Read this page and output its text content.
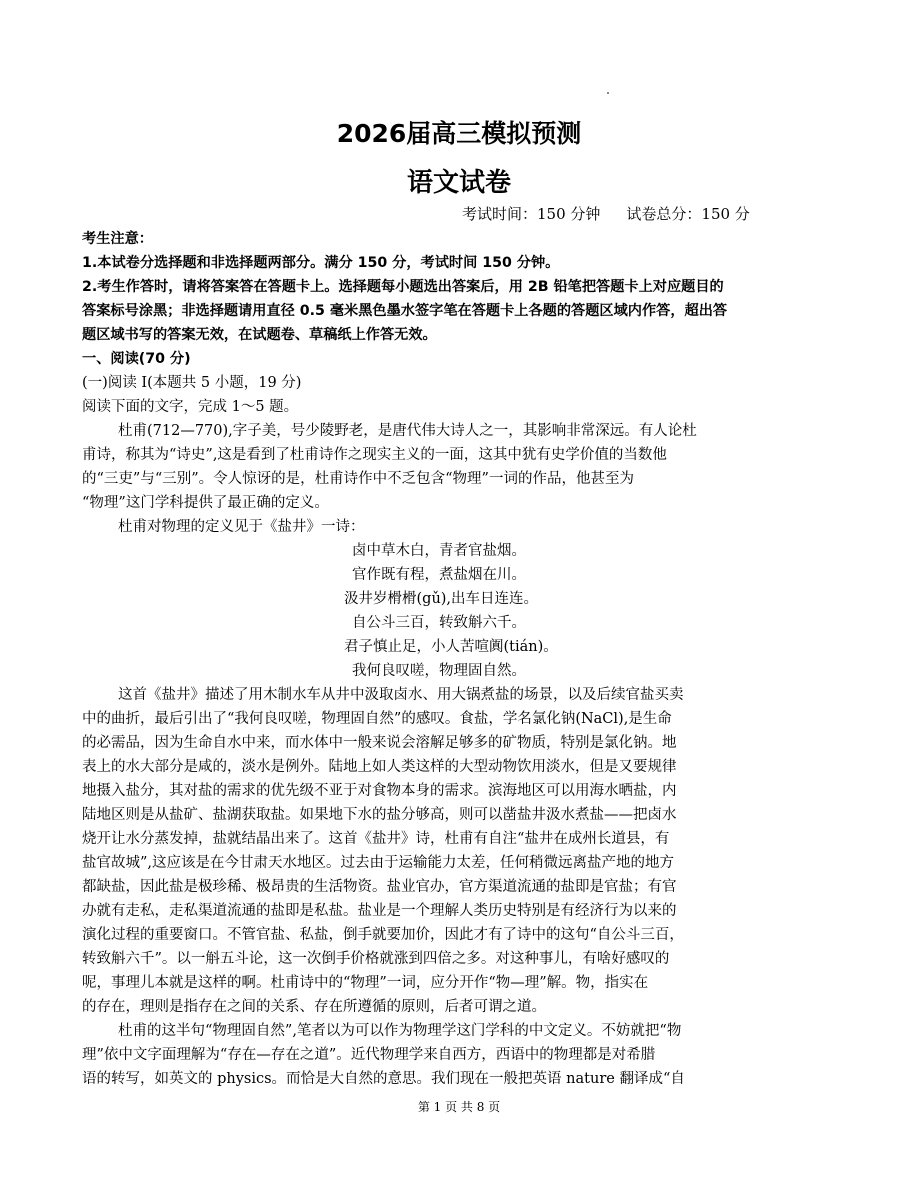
2026届高三模拟预测
语文试卷
考试时间：150 分钟 试卷总分：150 分
考生注意：
1.本试卷分选择题和非选择题两部分。满分 150 分，考试时间 150 分钟。
2.考生作答时，请将答案答在答题卡上。选择题每小题选出答案后，用 2B 铅笔把答题卡上对应题目的
答案标号涂黑；非选择题请用直径 0.5 毫米黑色墨水签字笔在答题卡上各题的答题区域内作答，超出答
题区域书写的答案无效，在试题卷、草稿纸上作答无效。
一、阅读(70 分)
(一)阅读 I(本题共 5 小题，19 分)
阅读下面的文字，完成 1～5 题。
杜甫(712—770),字子美，号少陵野老，是唐代伟大诗人之一，其影响非常深远。有人论杜
甫诗，称其为“诗史”,这是看到了杜甫诗作之现实主义的一面，这其中犹有史学价值的当数他
的“三吏”与“三别”。令人惊讶的是，杜甫诗作中不乏包含“物理”一词的作品，他甚至为
“物理”这门学科提供了最正确的定义。
杜甫对物理的定义见于《盐井》一诗：
卤中草木白，青者官盐烟。
官作既有程，煮盐烟在川。
汲井岁榾榾(gǔ),出车日连连。
自公斗三百，转致斛六千。
君子慎止足，小人苦喧阗(tián)。
我何良叹嗟，物理固自然。
这首《盐井》描述了用木制水车从井中汲取卤水、用大锅煮盐的场景，以及后续官盐买卖
中的曲折，最后引出了“我何良叹嗟，物理固自然”的感叹。食盐，学名氯化钠(NaCl),是生命
的必需品，因为生命自水中来，而水体中一般来说会溶解足够多的矿物质，特别是氯化钠。地
表上的水大部分是咸的，淡水是例外。陆地上如人类这样的大型动物饮用淡水，但是又要规律
地摄入盐分，其对盐的需求的优先级不亚于对食物本身的需求。滨海地区可以用海水晒盐，内
陆地区则是从盐矿、盐湖获取盐。如果地下水的盐分够高，则可以凿盐井汲水煮盐——把卤水
烧开让水分蒸发掉，盐就结晶出来了。这首《盐井》诗，杜甫有自注“盐井在成州长道县，有
盐官故城”,这应该是在今甘肃天水地区。过去由于运输能力太差，任何稍微远离盐产地的地方
都缺盐，因此盐是极珍稀、极昂贵的生活物资。盐业官办，官方渠道流通的盐即是官盐；有官
办就有走私，走私渠道流通的盐即是私盐。盐业是一个理解人类历史特别是有经济行为以来的
演化过程的重要窗口。不管官盐、私盐，倒手就要加价，因此才有了诗中的这句“自公斗三百，
转致斛六千”。以一斛五斗论，这一次倒手价格就涨到四倍之多。对这种事儿，有啥好感叹的
呢，事理儿本就是这样的啊。杜甫诗中的“物理”一词，应分开作“物—理”解。物，指实在
的存在，理则是指存在之间的关系、存在所遵循的原则，后者可谓之道。
杜甫的这半句“物理固自然”,笔者以为可以作为物理学这门学科的中文定义。不妨就把“物
理”依中文字面理解为“存在—存在之道”。近代物理学来自西方，西语中的物理都是对希腊
语的转写，如英文的 physics。而恰是大自然的意思。我们现在一般把英语 nature 翻译成“自
第 1 页 共 8 页
